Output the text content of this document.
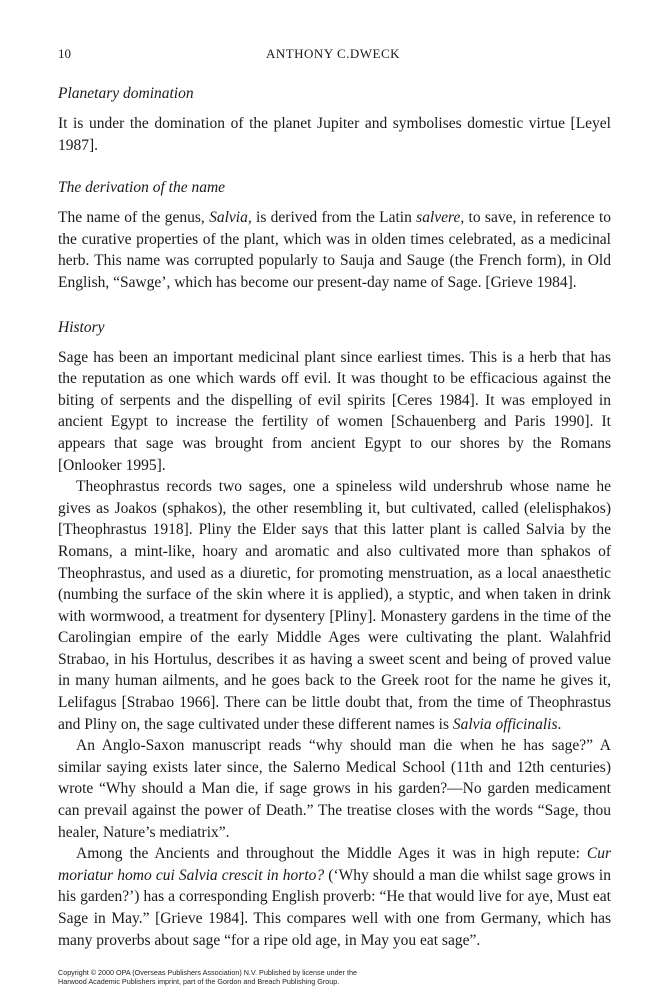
10	ANTHONY C.DWECK
Planetary domination

It is under the domination of the planet Jupiter and symbolises domestic virtue [Leyel 1987].

The derivation of the name

The name of the genus, Salvia, is derived from the Latin salvere, to save, in reference to the curative properties of the plant, which was in olden times celebrated, as a medicinal herb. This name was corrupted popularly to Sauja and Sauge (the French form), in Old English, “Sawge’, which has become our present-day name of Sage. [Grieve 1984].

History

Sage has been an important medicinal plant since earliest times. This is a herb that has the reputation as one which wards off evil. It was thought to be efficacious against the biting of serpents and the dispelling of evil spirits [Ceres 1984]. It was employed in ancient Egypt to increase the fertility of women [Schauenberg and Paris 1990]. It appears that sage was brought from ancient Egypt to our shores by the Romans [Onlooker 1995].

Theophrastus records two sages, one a spineless wild undershrub whose name he gives as Joakos (sphakos), the other resembling it, but cultivated, called (elelisphakos) [Theophrastus 1918]. Pliny the Elder says that this latter plant is called Salvia by the Romans, a mint-like, hoary and aromatic and also cultivated more than sphakos of Theophrastus, and used as a diuretic, for promoting menstruation, as a local anaesthetic (numbing the surface of the skin where it is applied), a styptic, and when taken in drink with wormwood, a treatment for dysentery [Pliny]. Monastery gardens in the time of the Carolingian empire of the early Middle Ages were cultivating the plant. Walahfrid Strabao, in his Hortulus, describes it as having a sweet scent and being of proved value in many human ailments, and he goes back to the Greek root for the name he gives it, Lelifagus [Strabao 1966]. There can be little doubt that, from the time of Theophrastus and Pliny on, the sage cultivated under these different names is Salvia officinalis.

An Anglo-Saxon manuscript reads “why should man die when he has sage?” A similar saying exists later since, the Salerno Medical School (11th and 12th centuries) wrote “Why should a Man die, if sage grows in his garden?—No garden medicament can prevail against the power of Death.” The treatise closes with the words “Sage, thou healer, Nature’s mediatrix”.

Among the Ancients and throughout the Middle Ages it was in high repute: Cur moriatur homo cui Salvia crescit in horto? (‘Why should a man die whilst sage grows in his garden?’) has a corresponding English proverb: “He that would live for aye, Must eat Sage in May.” [Grieve 1984]. This compares well with one from Germany, which has many proverbs about sage “for a ripe old age, in May you eat sage”.

Copyright © 2000 OPA (Overseas Publishers Association) N.V. Published by license under the
Harwood Academic Publishers imprint, part of the Gordon and Breach Publishing Group.
